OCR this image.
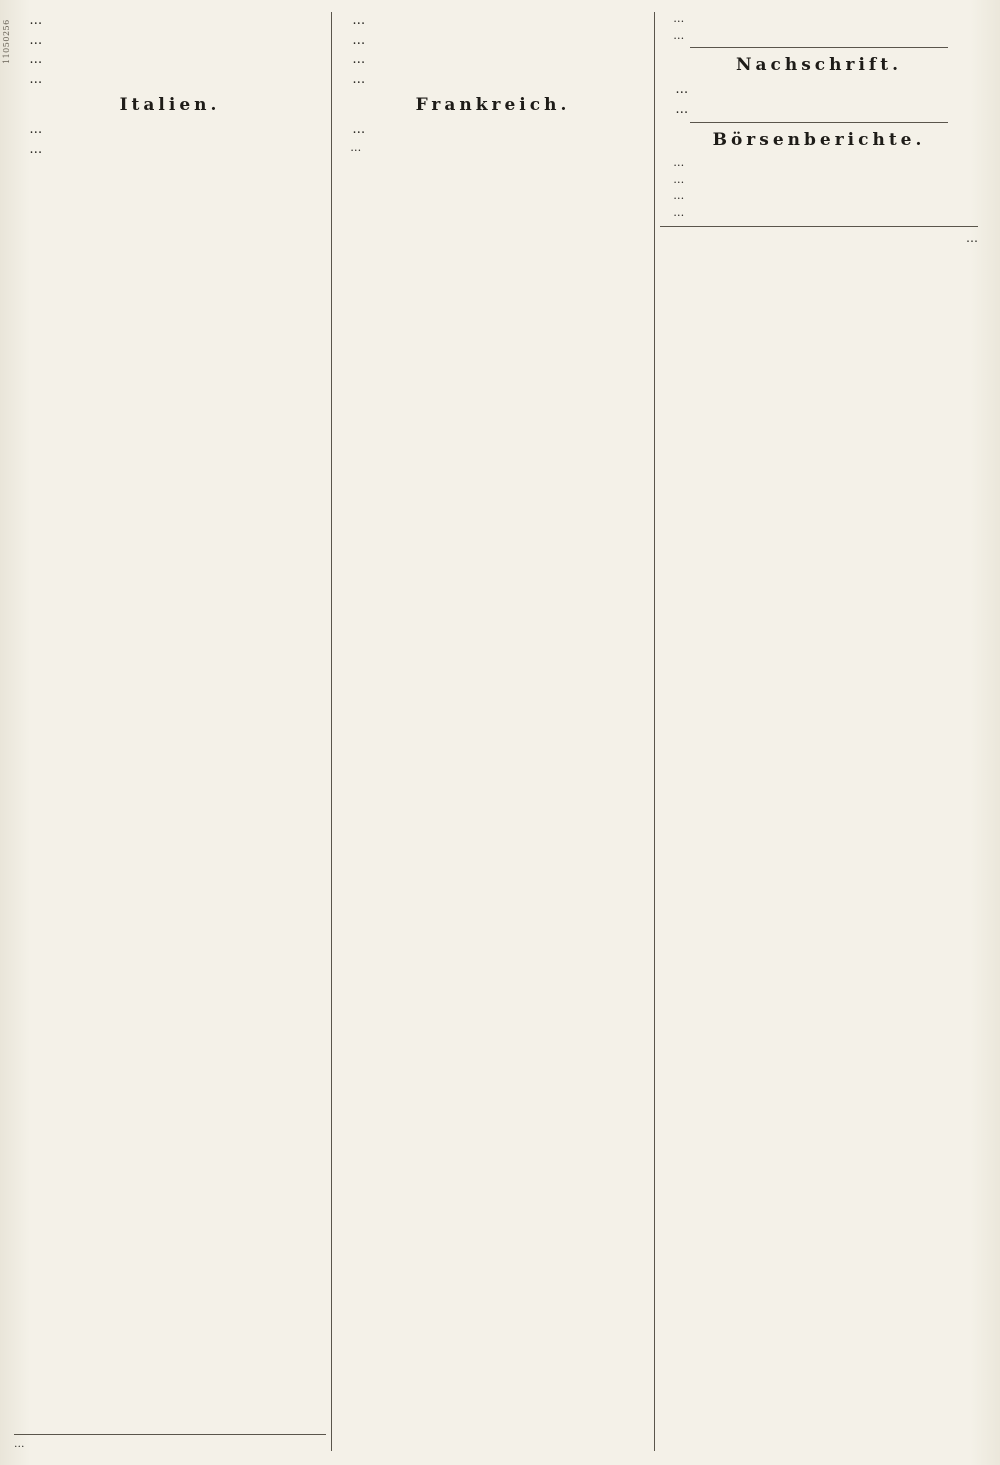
11050256	…

…

…

…

Italien.

…

…

…

…

…

…

…

Frankreich.

…

…

…

…

Nachschrift.

…

…

Börsenberichte.

…

…

…

…

…
